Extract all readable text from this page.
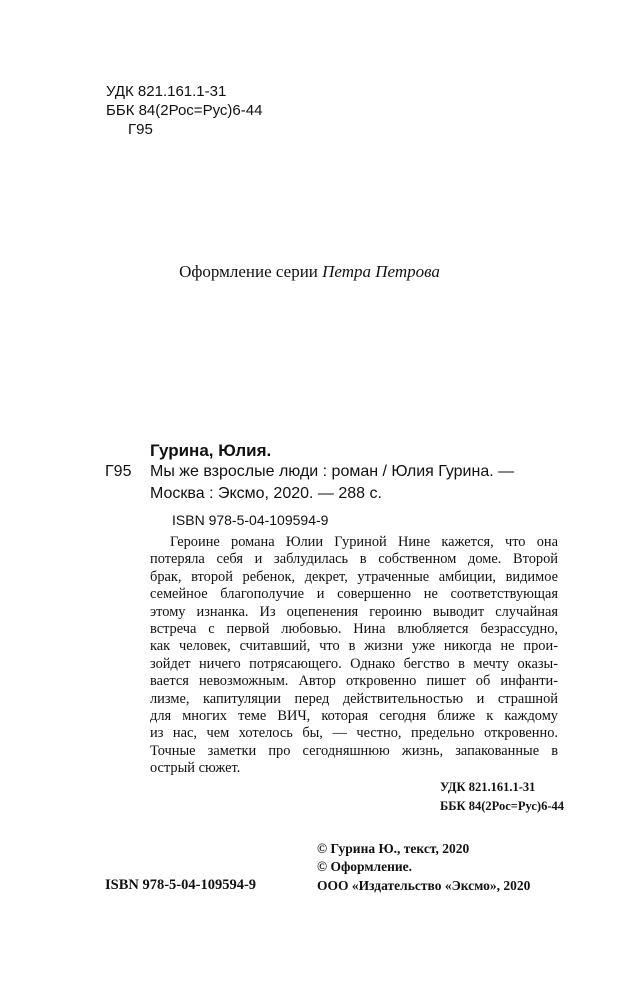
УДК 821.161.1-31
ББК 84(2Рос=Рус)6-44
Г95
Оформление серии Петра Петрова
Гурина, Юлия.
Г95 Мы же взрослые люди : роман / Юлия Гурина. —
Москва : Эксмо, 2020. — 288 с.
ISBN 978-5-04-109594-9
Героине романа Юлии Гуриной Нине кажется, что она
потеряла себя и заблудилась в собственном доме. Второй
брак, второй ребенок, декрет, утраченные амбиции, видимое
семейное благополучие и совершенно не соответствующая
этому изнанка. Из оцепенения героиню выводит случайная
встреча с первой любовью. Нина влюбляется безрассудно,
как человек, считавший, что в жизни уже никогда не прои-
зойдет ничего потрясающего. Однако бегство в мечту оказы-
вается невозможным. Автор откровенно пишет об инфанти-
лизме, капитуляции перед действительностью и страшной
для многих теме ВИЧ, которая сегодня ближе к каждому
из нас, чем хотелось бы, — честно, предельно откровенно.
Точные заметки про сегодняшнюю жизнь, запакованные в
острый сюжет.
УДК 821.161.1-31
ББК 84(2Рос=Рус)6-44
© Гурина Ю., текст, 2020
© Оформление.
ООО «Издательство «Эксмо», 2020
ISBN 978-5-04-109594-9
